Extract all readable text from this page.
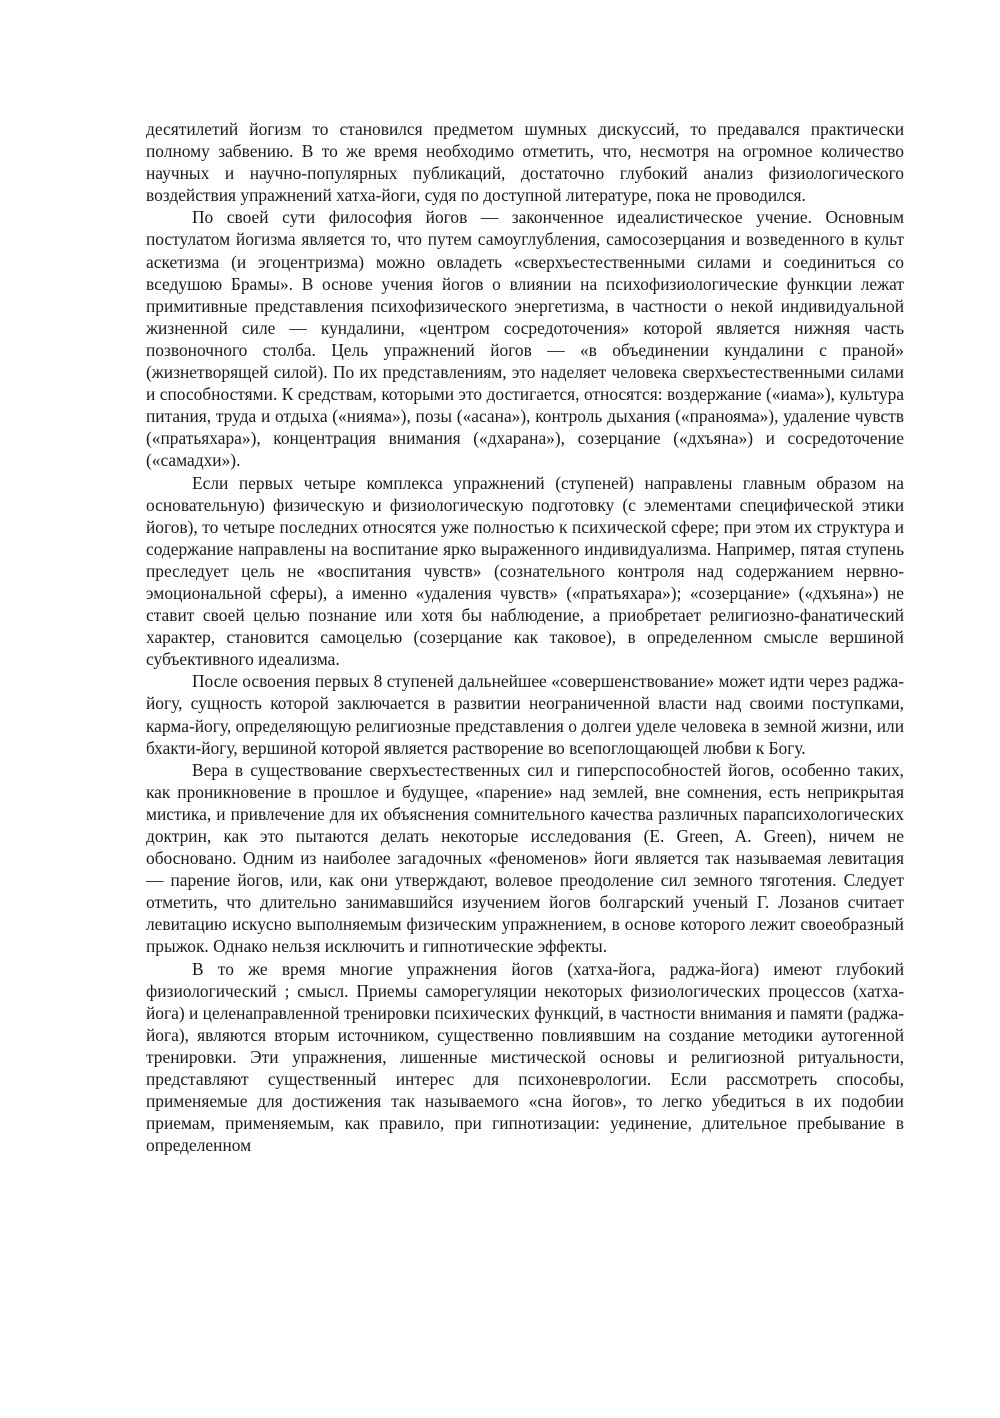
десятилетий йогизм то становился предметом шумных дискуссий, то предавался практически полному забвению. В то же время необходимо отметить, что, несмотря на огромное количество научных и научно-популярных публикаций, достаточно глубокий анализ физиологического воздействия упражнений хатха-йоги, судя по доступной литературе, пока не проводился.

По своей сути философия йогов — законченное идеалистическое учение. Основным постулатом йогизма является то, что путем самоуглубления, самосозерцания и возведенного в культ аскетизма (и эгоцентризма) можно овладеть «сверхъестественными силами и соединиться со вседушою Брамы». В основе учения йогов о влиянии на психофизиологические функции лежат примитивные представления психофизического энергетизма, в частности о некой индивидуальной жизненной силе — кундалини, «центром сосредоточения» которой является нижняя часть позвоночного столба. Цель упражнений йогов — «в объединении кундалини с праной» (жизнетворящей силой). По их представлениям, это наделяет человека сверхъестественными силами и способностями. К средствам, которыми это достигается, относятся: воздержание («иама»), культура питания, труда и отдыха («нияма»), позы («асана»), контроль дыхания («пранояма»), удаление чувств («пратьяхара»), концентрация внимания («дхарана»), созерцание («дхъяна») и сосредоточение («самадхи»).

Если первых четыре комплекса упражнений (ступеней) направлены главным образом на основательную) физическую и физиологическую подготовку (с элементами специфической этики йогов), то четыре последних относятся уже полностью к психической сфере; при этом их структура и содержание направлены на воспитание ярко выраженного индивидуализма. Например, пятая ступень преследует цель не «воспитания чувств» (сознательного контроля над содержанием нервно-эмоциональной сферы), а именно «удаления чувств» («пратьяхара»); «созерцание» («дхъяна») не ставит своей целью познание или хотя бы наблюдение, а приобретает религиозно-фанатический характер, становится самоцелью (созерцание как таковое), в определенном смысле вершиной субъективного идеализма.

После освоения первых 8 ступеней дальнейшее «совершенствование» может идти через раджа-йогу, сущность которой заключается в развитии неограниченной власти над своими поступками, карма-йогу, определяющую религиозные представления о долгеи уделе человека в земной жизни, или бхакти-йогу, вершиной которой является растворение во всепоглощающей любви к Богу.

Вера в существование сверхъестественных сил и гиперспособностей йогов, особенно таких, как проникновение в прошлое и будущее, «парение» над землей, вне сомнения, есть неприкрытая мистика, и привлечение для их объяснения сомнительного качества различных парапсихологических доктрин, как это пытаются делать некоторые исследования (E. Green, A. Green), ничем не обосновано. Одним из наиболее загадочных «феноменов» йоги является так называемая левитация — парение йогов, или, как они утверждают, волевое преодоление сил земного тяготения. Следует отметить, что длительно занимавшийся изучением йогов болгарский ученый Г. Лозанов считает левитацию искусно выполняемым физическим упражнением, в основе которого лежит своеобразный прыжок. Однако нельзя исключить и гипнотические эффекты.

В то же время многие упражнения йогов (хатха-йога, раджа-йога) имеют глубокий физиологический ; смысл. Приемы саморегуляции некоторых физиологических процессов (хатха-йога) и целенаправленной тренировки психических функций, в частности внимания и памяти (раджа-йога), являются вторым источником, существенно повлиявшим на создание методики аутогенной тренировки. Эти упражнения, лишенные мистической основы и религиозной ритуальности, представляют существенный интерес для психоневрологии. Если рассмотреть способы, применяемые для достижения так называемого «сна йогов», то легко убедиться в их подобии приемам, применяемым, как правило, при гипнотизации: уединение, длительное пребывание в определенном
